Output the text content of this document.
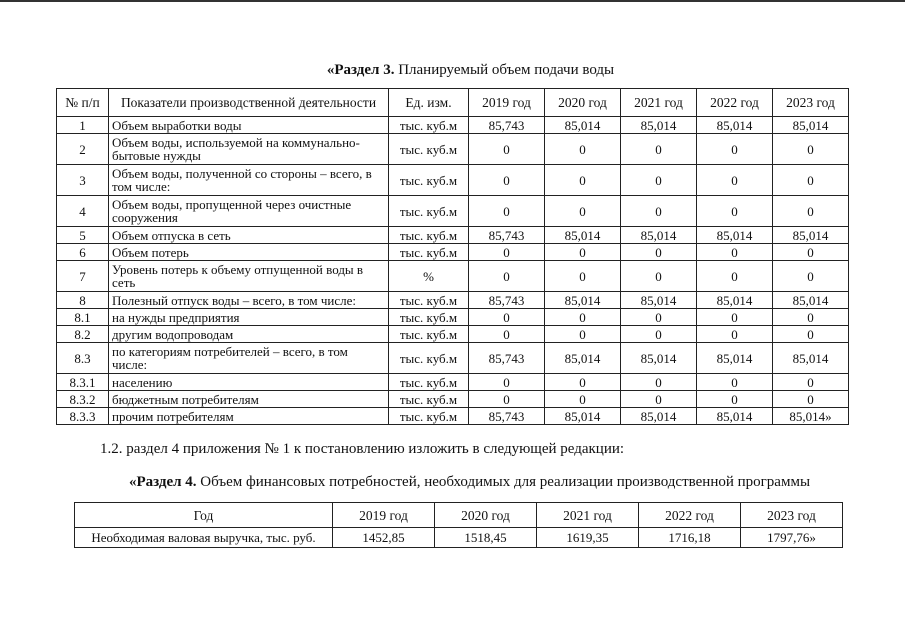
«Раздел 3. Планируемый объем подачи воды
№ п/п	Показатели производственной деятельности	Ед. изм.	2019 год	2020 год	2021 год	2022 год	2023 год
1	Объем выработки воды	тыс. куб.м	85,743	85,014	85,014	85,014	85,014
2	Объем воды, используемой на коммунально-бытовые нужды	тыс. куб.м	0	0	0	0	0
3	Объем воды, полученной со стороны – всего, в том числе:	тыс. куб.м	0	0	0	0	0
4	Объем воды, пропущенной через очистные сооружения	тыс. куб.м	0	0	0	0	0
5	Объем отпуска в сеть	тыс. куб.м	85,743	85,014	85,014	85,014	85,014
6	Объем потерь	тыс. куб.м	0	0	0	0	0
7	Уровень потерь к объему отпущенной воды в сеть	%	0	0	0	0	0
8	Полезный отпуск воды – всего, в том числе:	тыс. куб.м	85,743	85,014	85,014	85,014	85,014
8.1	на нужды предприятия	тыс. куб.м	0	0	0	0	0
8.2	другим водопроводам	тыс. куб.м	0	0	0	0	0
8.3	по категориям потребителей – всего, в том числе:	тыс. куб.м	85,743	85,014	85,014	85,014	85,014
8.3.1	населению	тыс. куб.м	0	0	0	0	0
8.3.2	бюджетным потребителям	тыс. куб.м	0	0	0	0	0
8.3.3	прочим потребителям	тыс. куб.м	85,743	85,014	85,014	85,014	85,014»
1.2. раздел 4 приложения № 1 к постановлению изложить в следующей редакции:
«Раздел 4. Объем финансовых потребностей, необходимых для реализации производственной программы
Год	2019 год	2020 год	2021 год	2022 год	2023 год
Необходимая валовая выручка, тыс. руб.	1452,85	1518,45	1619,35	1716,18	1797,76»
